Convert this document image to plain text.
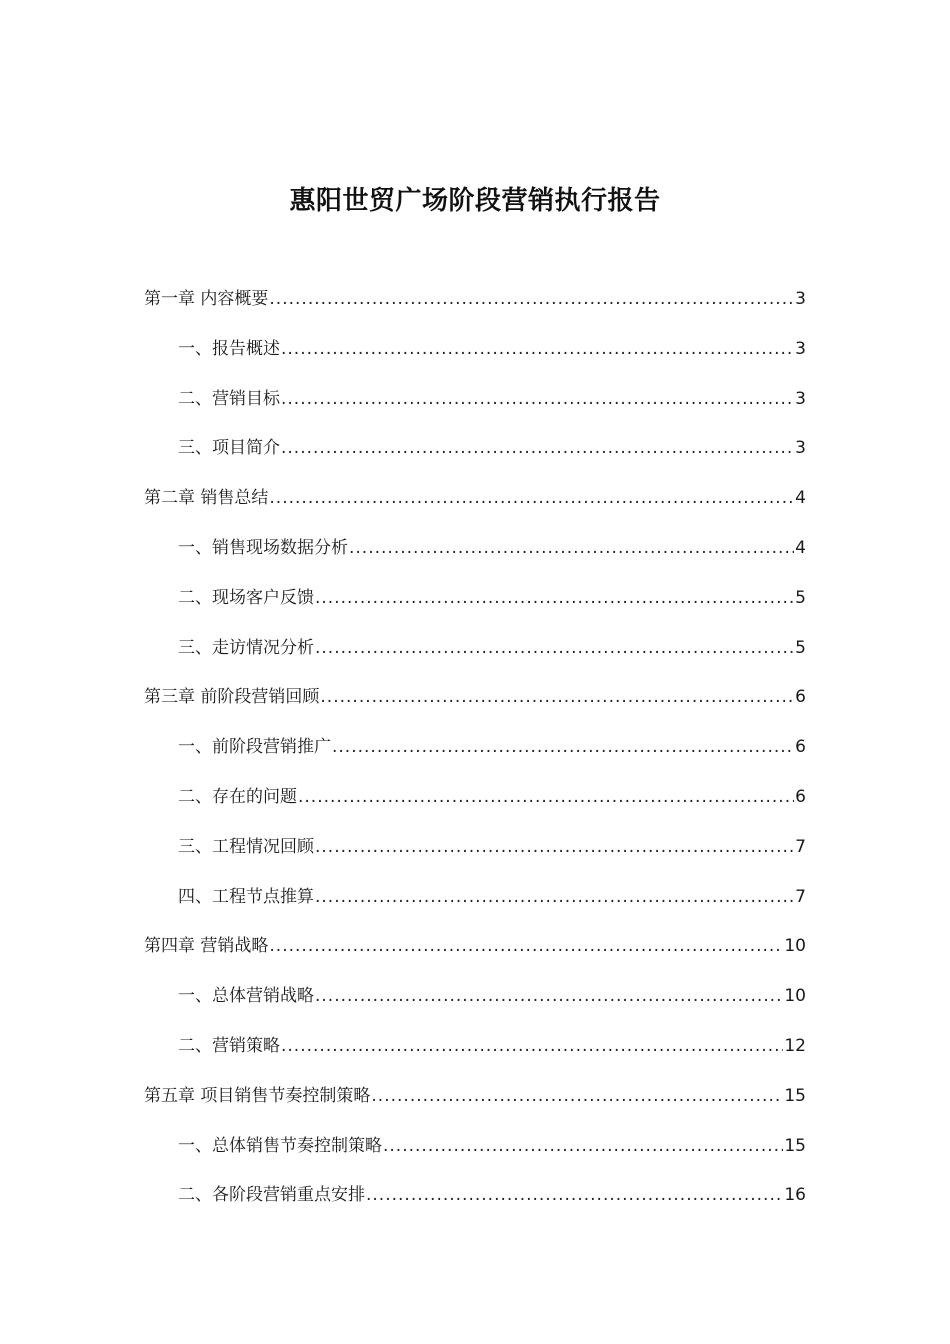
惠阳世贸广场阶段营销执行报告
第一章 内容概要 .....	3
一、报告概述 .....	3
二、营销目标 .....	3
三、项目简介 .....	3
第二章 销售总结 .....	4
一、销售现场数据分析 .....	4
二、现场客户反馈 .....	5
三、走访情况分析 .....	5
第三章 前阶段营销回顾 .....	6
一、前阶段营销推广 .....	6
二、存在的问题 .....	6
三、工程情况回顾 .....	7
四、工程节点推算 .....	7
第四章 营销战略 .....	10
一、总体营销战略 .....	10
二、营销策略 .....	12
第五章 项目销售节奏控制策略 .....	15
一、总体销售节奏控制策略 .....	15
二、各阶段营销重点安排 .....	16
